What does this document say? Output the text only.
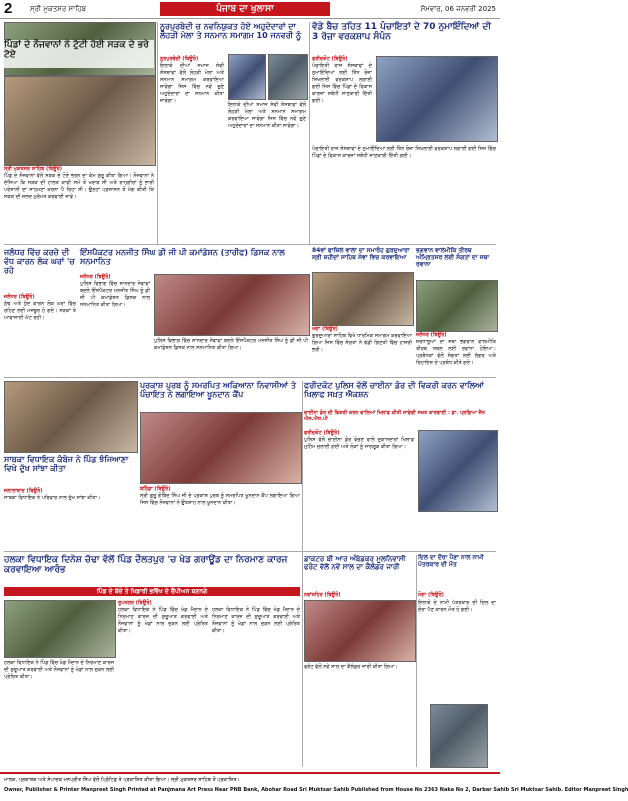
2	ਸ੍ਰੀ ਮੁਕਤਸਰ ਸਾਹਿਬ	ਪੰਜਾਬ ਦਾ ਖੁਲਾਸਾ	ਸੋਮਵਾਰ, 06 ਜਨਵਰੀ 2025
ਪਿੰਡਾਂ ਦੇ ਨੌਜਵਾਨਾਂ ਨੇ ਟੁੱਟੀ ਹੋਈ ਸੜਕ ਦੇ ਭਰੇ ਟੋਏ
ਸ੍ਰੀ ਮੁਕਤਸਰ ਸਾਹਿਬ (ਬਿਊਰੋ)
ਪਿੰਡ ਦੇ ਨੌਜਵਾਨਾਂ ਵੱਲੋਂ ਸੜਕ ਦੇ ਟੋਏ ਭਰਨ ਦਾ ਕੰਮ ਸ਼ੁਰੂ ਕੀਤਾ ਗਿਆ। ਨੌਜਵਾਨਾਂ ਨੇ ਦੱਸਿਆ ਕਿ ਸੜਕ ਦੀ ਹਾਲਤ ਕਾਫੀ ਸਮੇਂ ਤੋਂ ਖਰਾਬ ਸੀ ਅਤੇ ਰਾਹਗੀਰਾਂ ਨੂੰ ਭਾਰੀ ਪਰੇਸ਼ਾਨੀ ਦਾ ਸਾਹਮਣਾ ਕਰਨਾ ਪੈ ਰਿਹਾ ਸੀ। ਉਨ੍ਹਾਂ ਪ੍ਰਸ਼ਾਸਨ ਤੋਂ ਮੰਗ ਕੀਤੀ ਕਿ ਸੜਕ ਦੀ ਜਲਦ ਮੁਰੰਮਤ ਕਰਵਾਈ ਜਾਵੇ।
ਨੂਰਪੁਰਬੇਦੀ ਚ ਨਵਨਿਯੁਕਤ ਹੋਏ ਅਹੁਦੇਦਾਰਾਂ ਦਾ ਲੋਹੜੀ ਮੇਲਾ ਤੇ ਸਨਮਾਨ ਸਮਾਗਮ 10 ਜਨਵਰੀ ਨੂੰ
ਨੂਰਪੁਰਬੇਦੀ (ਬਿਊਰੋ)
ਇਲਾਕੇ ਦੀਆਂ ਸਮਾਜ ਸੇਵੀ ਸੰਸਥਾਵਾਂ ਵੱਲੋਂ ਲੋਹੜੀ ਮੇਲਾ ਅਤੇ ਸਨਮਾਨ ਸਮਾਗਮ ਕਰਵਾਇਆ ਜਾਵੇਗਾ ਜਿਸ ਵਿੱਚ ਨਵੇਂ ਚੁਣੇ ਅਹੁਦੇਦਾਰਾਂ ਦਾ ਸਨਮਾਨ ਕੀਤਾ ਜਾਵੇਗਾ।
ਇਲਾਕੇ ਦੀਆਂ ਸਮਾਜ ਸੇਵੀ ਸੰਸਥਾਵਾਂ ਵੱਲੋਂ ਲੋਹੜੀ ਮੇਲਾ ਅਤੇ ਸਨਮਾਨ ਸਮਾਗਮ ਕਰਵਾਇਆ ਜਾਵੇਗਾ ਜਿਸ ਵਿੱਚ ਨਵੇਂ ਚੁਣੇ ਅਹੁਦੇਦਾਰਾਂ ਦਾ ਸਨਮਾਨ ਕੀਤਾ ਜਾਵੇਗਾ।
ਵੱਡੇ ਬੈਚ ਤਹਿਤ 11 ਪੰਚਾਇਤਾਂ ਦੇ 70 ਨੁਮਾਇੰਦਿਆਂ ਦੀ 3 ਰੋਜ਼ਾ ਵਰਕਸ਼ਾਪ ਸੰਪੰਨ
ਫਰੀਦਕੋਟ (ਬਿਊਰੋ)
ਪੰਚਾਇਤੀ ਰਾਜ ਸੰਸਥਾਵਾਂ ਦੇ ਨੁਮਾਇੰਦਿਆਂ ਲਈ ਤਿੰਨ ਰੋਜ਼ਾ ਸਿਖਲਾਈ ਵਰਕਸ਼ਾਪ ਲਗਾਈ ਗਈ ਜਿਸ ਵਿੱਚ ਪਿੰਡਾਂ ਦੇ ਵਿਕਾਸ ਕਾਰਜਾਂ ਸਬੰਧੀ ਜਾਣਕਾਰੀ ਦਿੱਤੀ ਗਈ।
ਪੰਚਾਇਤੀ ਰਾਜ ਸੰਸਥਾਵਾਂ ਦੇ ਨੁਮਾਇੰਦਿਆਂ ਲਈ ਤਿੰਨ ਰੋਜ਼ਾ ਸਿਖਲਾਈ ਵਰਕਸ਼ਾਪ ਲਗਾਈ ਗਈ ਜਿਸ ਵਿੱਚ ਪਿੰਡਾਂ ਦੇ ਵਿਕਾਸ ਕਾਰਜਾਂ ਸਬੰਧੀ ਜਾਣਕਾਰੀ ਦਿੱਤੀ ਗਈ।
ਜਲੰਧਰ ਵਿੱਚ ਕਰਜ਼ੇ ਦੀ ਵੱਧ ਕਾਰਨ ਲੋਕ ਘਰਾਂ 'ਚ ਰਹੇ
ਜਲੰਧਰ (ਬਿਊਰੋ)
ਠੰਢ ਅਤੇ ਧੁੰਦ ਕਾਰਨ ਲੋਕ ਘਰਾਂ ਵਿੱਚ ਰਹਿਣ ਲਈ ਮਜਬੂਰ ਹੋ ਗਏ। ਸੜਕਾਂ ਤੇ ਆਵਾਜਾਈ ਘੱਟ ਰਹੀ।
ਇੰਸਪੈਕਟਰ ਮਨਜੀਤ ਸਿੰਘ ਡੀ ਜੀ ਪੀ ਕਮਾਂਡੇਸ਼ਨ (ਤਾਰੀਫ) ਡਿਸਕ ਨਾਲ ਸਨਮਾਨਿਤ
ਜਲੰਧਰ (ਬਿਊਰੋ)
ਪੁਲਿਸ ਵਿਭਾਗ ਵਿੱਚ ਸ਼ਾਨਦਾਰ ਸੇਵਾਵਾਂ ਬਦਲੇ ਇੰਸਪੈਕਟਰ ਮਨਜੀਤ ਸਿੰਘ ਨੂੰ ਡੀ ਜੀ ਪੀ ਕਮਾਂਡੇਸ਼ਨ ਡਿਸਕ ਨਾਲ ਸਨਮਾਨਿਤ ਕੀਤਾ ਗਿਆ।
ਪੁਲਿਸ ਵਿਭਾਗ ਵਿੱਚ ਸ਼ਾਨਦਾਰ ਸੇਵਾਵਾਂ ਬਦਲੇ ਇੰਸਪੈਕਟਰ ਮਨਜੀਤ ਸਿੰਘ ਨੂੰ ਡੀ ਜੀ ਪੀ ਕਮਾਂਡੇਸ਼ਨ ਡਿਸਕ ਨਾਲ ਸਨਮਾਨਿਤ ਕੀਤਾ ਗਿਆ।
84ਵਾਂ ਫਾਜ਼ਿਲ ਵਾਲਾ ਦਾ ਸਮਾਰੋਹ ਗੁਰਦੁਆਰਾ ਸ੍ਰੀ ਸ਼ਹੀਦਾਂ ਸਾਹਿਬ ਸੇਵਾ ਵਿਚ ਕਰਵਾਇਆ
ਮੋਗਾ (ਬਿਊਰੋ)
ਗੁਰਦੁਆਰਾ ਸਾਹਿਬ ਵਿਖੇ ਧਾਰਮਿਕ ਸਮਾਗਮ ਕਰਵਾਇਆ ਗਿਆ ਜਿਸ ਵਿੱਚ ਸੰਗਤਾਂ ਨੇ ਵੱਡੀ ਗਿਣਤੀ ਵਿੱਚ ਹਾਜ਼ਰੀ ਭਰੀ।
ਭਗਵਾਨ ਵਾਲਮੀਕਿ ਤੀਰਥ ਅੰਮ੍ਰਿਤਸਰ ਲਈ ਸੰਗਤਾਂ ਦਾ ਜਥਾ ਰਵਾਨਾ
ਜਲੰਧਰ (ਬਿਊਰੋ)
ਸ਼ਰਧਾਲੂਆਂ ਦਾ ਜਥਾ ਭਗਵਾਨ ਵਾਲਮੀਕਿ ਤੀਰਥ ਸਥਲ ਲਈ ਰਵਾਨਾ ਹੋਇਆ। ਪ੍ਰਬੰਧਕਾਂ ਵੱਲੋਂ ਸੰਗਤਾਂ ਲਈ ਲੰਗਰ ਅਤੇ ਰਿਹਾਇਸ਼ ਦੇ ਪ੍ਰਬੰਧ ਕੀਤੇ ਗਏ।
ਪ੍ਰਕਾਸ਼ ਪੁਰਬ ਨੂੰ ਸਮਰਪਿਤ ਅਕਿਆਨਾ ਨਿਵਾਸੀਆਂ ਤੇ ਪੰਚਾਇਤ ਨੇ ਲਗਾਇਆ ਖੂਨਦਾਨ ਕੈਂਪ
ਬਠਿੰਡਾ (ਬਿਊਰੋ)
ਸ੍ਰੀ ਗੁਰੂ ਗੋਬਿੰਦ ਸਿੰਘ ਜੀ ਦੇ ਪ੍ਰਕਾਸ਼ ਪੁਰਬ ਨੂੰ ਸਮਰਪਿਤ ਖੂਨਦਾਨ ਕੈਂਪ ਲਗਾਇਆ ਗਿਆ ਜਿਸ ਵਿੱਚ ਨੌਜਵਾਨਾਂ ਨੇ ਉਤਸ਼ਾਹ ਨਾਲ ਖੂਨਦਾਨ ਕੀਤਾ।
ਫਰੀਦਕੋਟ ਪੁਲਿਸ ਵੱਲੋਂ ਚਾਈਨਾ ਡੋਰ ਦੀ ਵਿਕਰੀ ਕਰਨ ਵਾਲਿਆਂ ਖਿਲਾਫ ਸਖ਼ਤ ਐਕਸ਼ਨ
ਚਾਈਨਾ ਡੋਰ ਦੀ ਵਿਕਰੀ ਕਰਨ ਵਾਲਿਆਂ ਖਿਲਾਫ ਕੀਤੀ ਜਾਵੇਗੀ ਸਖ਼ਤ ਕਾਰਵਾਈ : ਡਾ. ਪ੍ਰਗਿਆ ਜੈਨ ਐਸ.ਐਸ.ਪੀ
ਫਰੀਦਕੋਟ (ਬਿਊਰੋ)
ਪੁਲਿਸ ਵੱਲੋਂ ਚਾਈਨਾ ਡੋਰ ਵੇਚਣ ਵਾਲੇ ਦੁਕਾਨਦਾਰਾਂ ਖਿਲਾਫ ਮੁਹਿੰਮ ਚਲਾਈ ਗਈ ਅਤੇ ਲੋਕਾਂ ਨੂੰ ਜਾਗਰੂਕ ਕੀਤਾ ਗਿਆ।
ਸਾਬਕਾ ਵਿਧਾਇਕ ਕੰਬੋਜ ਨੇ ਪਿੰਡ ਝੰਜਿਆਣਾ ਵਿਖੇ ਦੁੱਖ ਸਾਂਝਾ ਕੀਤਾ
ਜਲਾਲਾਬਾਦ (ਬਿਊਰੋ)
ਸਾਬਕਾ ਵਿਧਾਇਕ ਨੇ ਪਰਿਵਾਰ ਨਾਲ ਦੁੱਖ ਸਾਂਝਾ ਕੀਤਾ।
ਹਲਕਾ ਵਿਧਾਇਕ ਦਿਨੇਸ਼ ਚੱਢਾ ਵੱਲੋਂ ਪਿੰਡ ਦੌਲਤਪੁਰ 'ਚ ਖੇਡ ਗਰਾਊਂਡ ਦਾ ਨਿਰਮਾਣ ਕਾਰਜ ਕਰਵਾਇਆ ਆਰੰਭ
ਪਿੰਡ ਦੇ ਬੱਚੇ ਤੇ ਖਿਡਾਰੀ ਭਵਿੱਖ ਦੇ ਚੈਂਪੀਅਨ ਬਣਨਗੇ
ਰੂਪਨਗਰ (ਬਿਊਰੋ)
ਹਲਕਾ ਵਿਧਾਇਕ ਨੇ ਪਿੰਡ ਵਿੱਚ ਖੇਡ ਮੈਦਾਨ ਦੇ ਨਿਰਮਾਣ ਕਾਰਜ ਦੀ ਸ਼ੁਰੂਆਤ ਕਰਵਾਈ ਅਤੇ ਨੌਜਵਾਨਾਂ ਨੂੰ ਖੇਡਾਂ ਨਾਲ ਜੁੜਨ ਲਈ ਪ੍ਰੇਰਿਤ ਕੀਤਾ।
ਹਲਕਾ ਵਿਧਾਇਕ ਨੇ ਪਿੰਡ ਵਿੱਚ ਖੇਡ ਮੈਦਾਨ ਦੇ ਨਿਰਮਾਣ ਕਾਰਜ ਦੀ ਸ਼ੁਰੂਆਤ ਕਰਵਾਈ ਅਤੇ ਨੌਜਵਾਨਾਂ ਨੂੰ ਖੇਡਾਂ ਨਾਲ ਜੁੜਨ ਲਈ ਪ੍ਰੇਰਿਤ ਕੀਤਾ।
ਹਲਕਾ ਵਿਧਾਇਕ ਨੇ ਪਿੰਡ ਵਿੱਚ ਖੇਡ ਮੈਦਾਨ ਦੇ ਨਿਰਮਾਣ ਕਾਰਜ ਦੀ ਸ਼ੁਰੂਆਤ ਕਰਵਾਈ ਅਤੇ ਨੌਜਵਾਨਾਂ ਨੂੰ ਖੇਡਾਂ ਨਾਲ ਜੁੜਨ ਲਈ ਪ੍ਰੇਰਿਤ ਕੀਤਾ।
ਡਾਕਟਰ ਬੀ ਆਰ ਅੰਬੇਡਕਰ ਮੂਲਨਿਵਾਸੀ ਫਰੰਟ ਵੱਲੋਂ ਨਵੇਂ ਸਾਲ ਦਾ ਕੈਲੰਡਰ ਜਾਰੀ
ਨਵਾਂਸ਼ਹਿਰ (ਬਿਊਰੋ)
ਫਰੰਟ ਵੱਲੋਂ ਨਵੇਂ ਸਾਲ ਦਾ ਕੈਲੰਡਰ ਜਾਰੀ ਕੀਤਾ ਗਿਆ।
ਦਿਲ ਦਾ ਦੌਰਾ ਪੈਣਾ ਨਾਲ ਨਾਮੀ ਪੱਤਰਕਾਰ ਦੀ ਮੌਤ
ਮੋਗਾ (ਬਿਊਰੋ)
ਇਲਾਕੇ ਦੇ ਨਾਮੀ ਪੱਤਰਕਾਰ ਦੀ ਦਿਲ ਦਾ ਦੌਰਾ ਪੈਣ ਕਾਰਨ ਮੌਤ ਹੋ ਗਈ।
ਮਾਲਕ, ਪ੍ਰਕਾਸ਼ਕ ਅਤੇ ਸੰਪਾਦਕ ਮਨਪ੍ਰੀਤ ਸਿੰਘ ਵੱਲੋਂ ਪ੍ਰਿੰਟਿਡ ਤੇ ਪ੍ਰਕਾਸ਼ਿਤ ਕੀਤਾ ਗਿਆ। ਸ੍ਰੀ ਮੁਕਤਸਰ ਸਾਹਿਬ ਤੋਂ ਪ੍ਰਕਾਸ਼ਿਤ।
Owner, Publisher & Printer Manpreet Singh Printed at Panjmana Art Press Near PNB Bank, Abohar Road Sri Muktsar Sahib Published from House No 2363 Naka No 2, Darbar Sahib Sri Muktsar Sahib. Editor Manpreet Singh
